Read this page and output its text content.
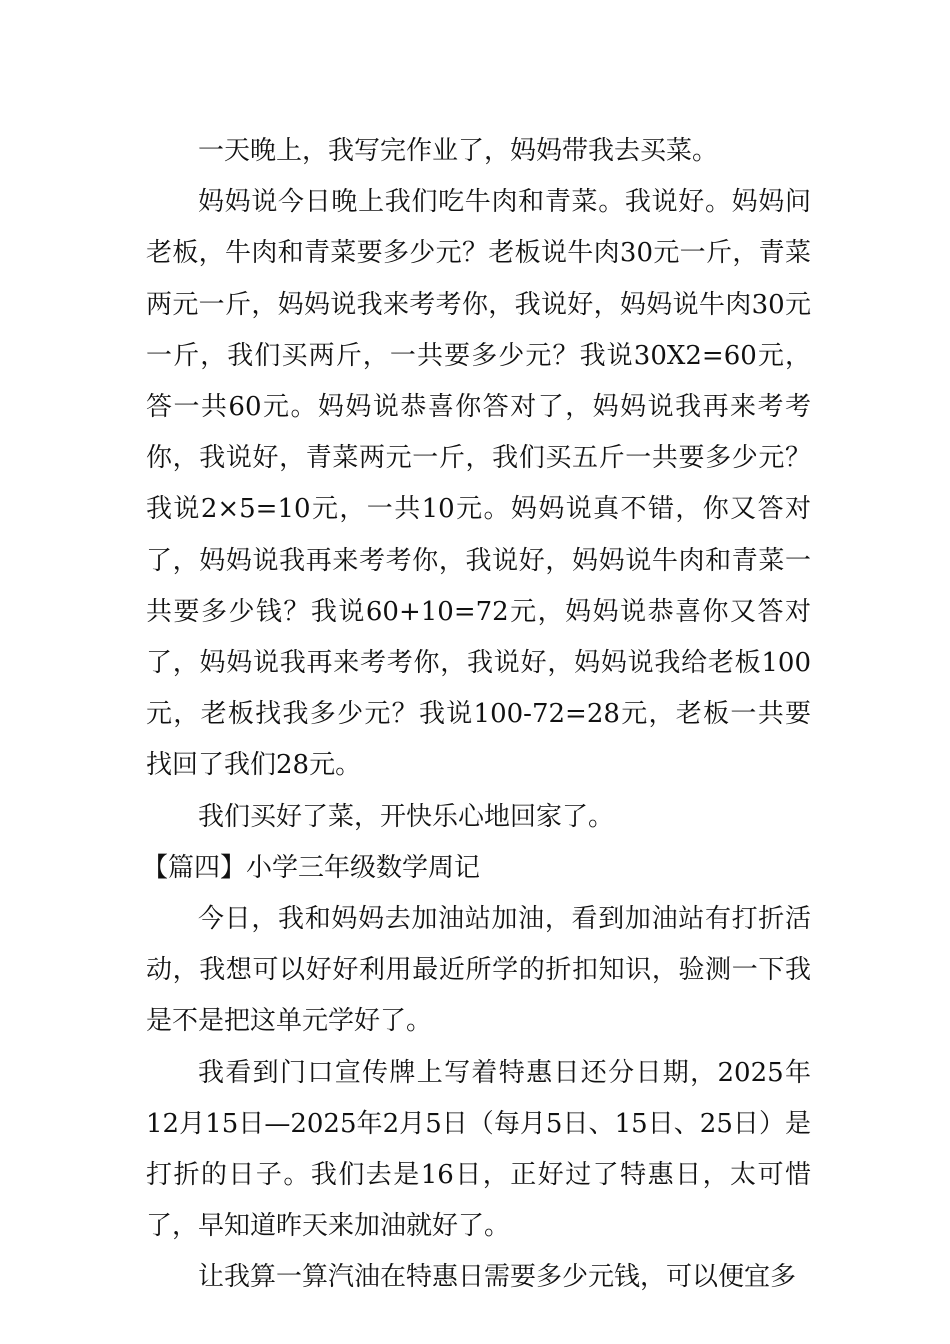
一天晚上，我写完作业了，妈妈带我去买菜。

妈妈说今日晚上我们吃牛肉和青菜。我说好。妈妈问老板，牛肉和青菜要多少元？老板说牛肉30元一斤，青菜两元一斤，妈妈说我来考考你，我说好，妈妈说牛肉30元一斤，我们买两斤，一共要多少元？我说30X2=60元，答一共60元。妈妈说恭喜你答对了，妈妈说我再来考考你，我说好，青菜两元一斤，我们买五斤一共要多少元？我说2×5=10元，一共10元。妈妈说真不错，你又答对了，妈妈说我再来考考你，我说好，妈妈说牛肉和青菜一共要多少钱？我说60+10=72元，妈妈说恭喜你又答对了，妈妈说我再来考考你，我说好，妈妈说我给老板100元，老板找我多少元？我说100-72=28元，老板一共要找回了我们28元。

我们买好了菜，开快乐心地回家了。

【篇四】小学三年级数学周记

今日，我和妈妈去加油站加油，看到加油站有打折活动，我想可以好好利用最近所学的折扣知识，验测一下我是不是把这单元学好了。

我看到门口宣传牌上写着特惠日还分日期，2025年12月15日—2025年2月5日（每月5日、15日、25日）是打折的日子。我们去是16日，正好过了特惠日，太可惜了，早知道昨天来加油就好了。

让我算一算汽油在特惠日需要多少元钱，可以便宜多
